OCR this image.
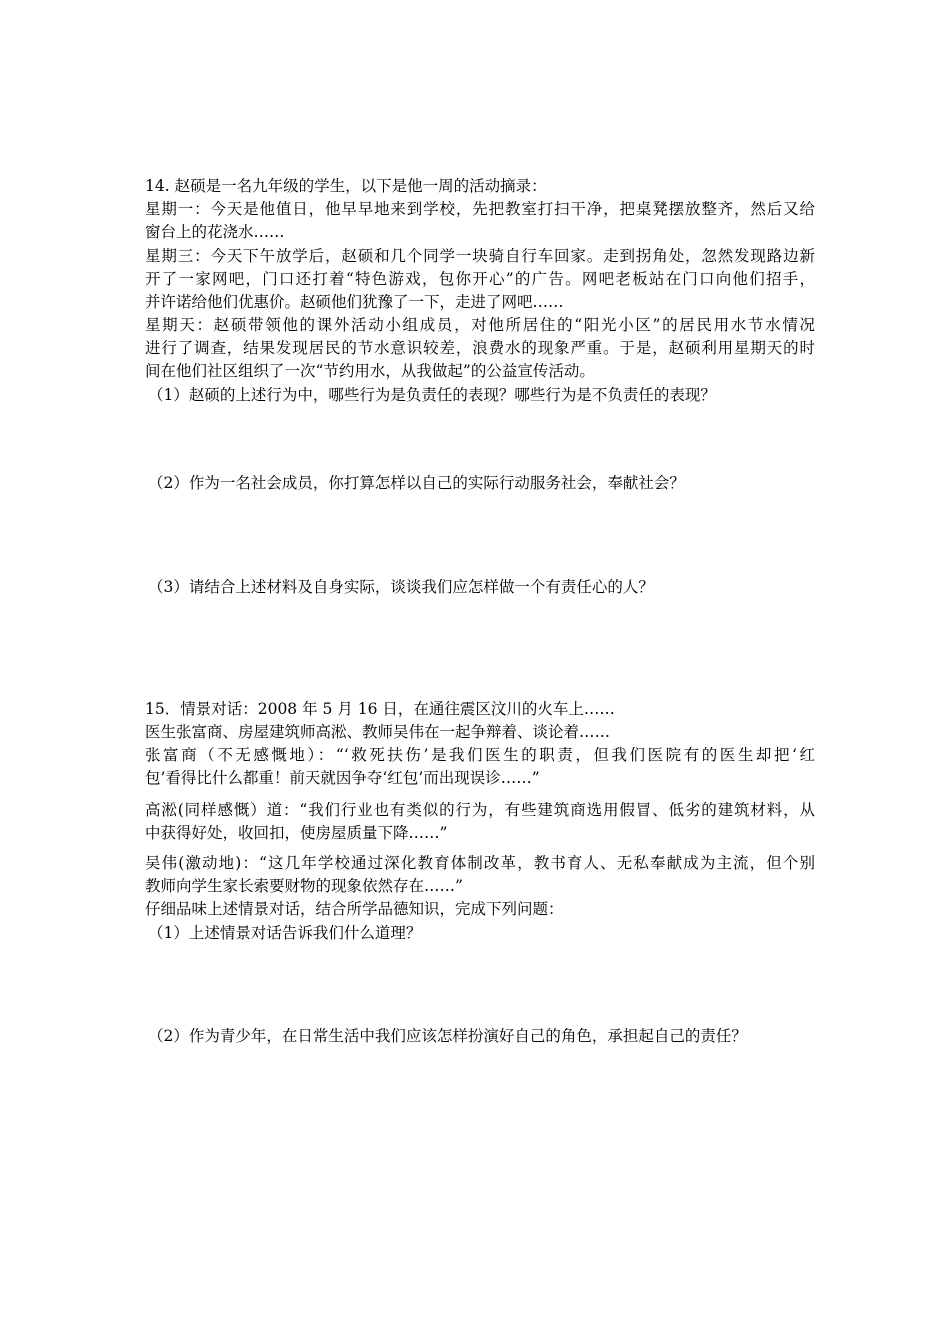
14. 赵硕是一名九年级的学生，以下是他一周的活动摘录：
星期一：今天是他值日，他早早地来到学校，先把教室打扫干净，把桌凳摆放整齐，然后又给
窗台上的花浇水……
星期三：今天下午放学后，赵硕和几个同学一块骑自行车回家。走到拐角处，忽然发现路边新
开了一家网吧，门口还打着“特色游戏，包你开心”的广告。网吧老板站在门口向他们招手，
并许诺给他们优惠价。赵硕他们犹豫了一下，走进了网吧……
星期天：赵硕带领他的课外活动小组成员，对他所居住的“阳光小区”的居民用水节水情况
进行了调查，结果发现居民的节水意识较差，浪费水的现象严重。于是，赵硕利用星期天的时
间在他们社区组织了一次“节约用水，从我做起”的公益宣传活动。
（1）赵硕的上述行为中，哪些行为是负责任的表现？哪些行为是不负责任的表现？
（2）作为一名社会成员，你打算怎样以自己的实际行动服务社会，奉献社会？
（3）请结合上述材料及自身实际，谈谈我们应怎样做一个有责任心的人？
15．情景对话：2008 年 5 月 16 日，在通往震区汶川的火车上……
医生张富商、房屋建筑师高淞、教师吴伟在一起争辩着、谈论着……
张富商（不无感慨地）：“‘救死扶伤’是我们医生的职责，但我们医院有的医生却把‘红
包’看得比什么都重！前天就因争夺‘红包’而出现误诊……”
高淞(同样感慨）道：“我们行业也有类似的行为，有些建筑商选用假冒、低劣的建筑材料，从
中获得好处，收回扣，使房屋质量下降……”
吴伟(激动地)：“这几年学校通过深化教育体制改革，教书育人、无私奉献成为主流，但个别
教师向学生家长索要财物的现象依然存在……”
仔细品味上述情景对话，结合所学品德知识，完成下列问题：
（1）上述情景对话告诉我们什么道理？
（2）作为青少年，在日常生活中我们应该怎样扮演好自己的角色，承担起自己的责任？
